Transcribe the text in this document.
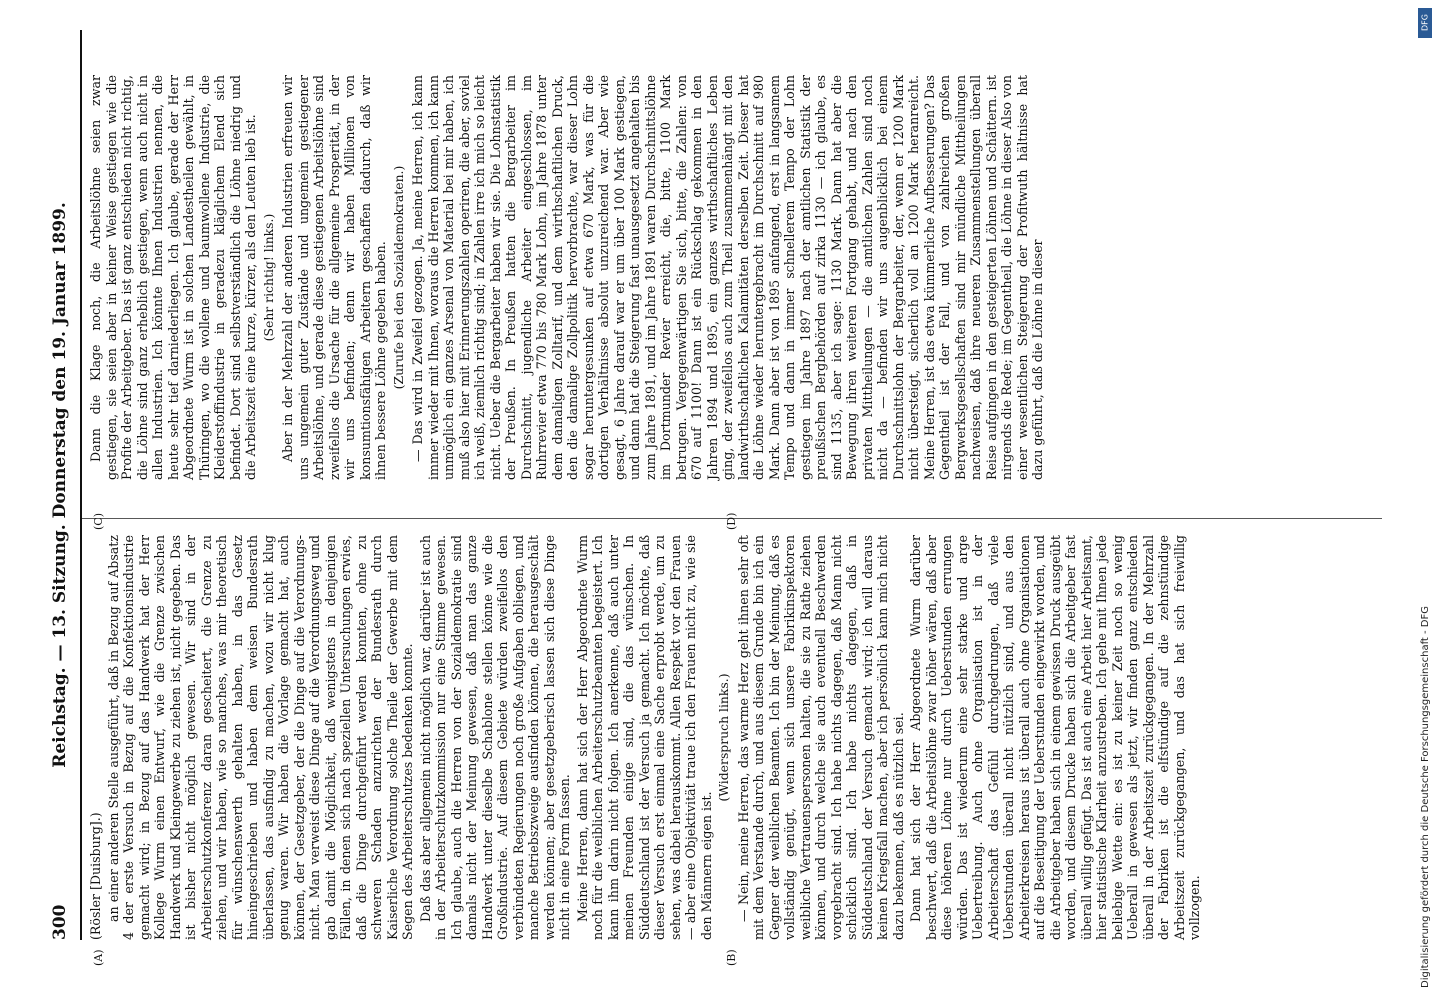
300
Reichstag. — 13. Sitzung. Donnerstag den 19. Januar 1899.
(A)	(B)
(C)	(D)

(Rösler [Duisburg].) an einer anderen Stelle ausgeführt, daß in Bezug auf Absatz 4 der erste Versuch in Bezug auf die Konfektionsindustrie gemacht wird; in Bezug auf das Handwerk hat der Herr Kollege Wurm einen Entwurf, wie die Grenze zwischen Handwerk und Kleingewerbe zu ziehen ist, nicht gegeben. Das ist bisher nicht möglich gewesen. Wir sind in der Arbeiterschutzkonferenz daran gescheitert, die Grenze zu ziehen, und wir haben, wie so manches, was mir theoretisch für wünschenswerth gehalten haben, in das Gesetz hineingeschrieben und haben dem weisen Bundesrath überlassen, das ausfindig zu machen, wozu wir nicht klug genug waren. Wir haben die Vorlage gemacht hat, auch können, der Gesetzgeber, der die Dinge auf die Verordnungs- nicht. Man verweist diese Dinge auf die Verordnungsweg und gab damit die Möglichkeit, daß wenigstens in denjenigen Fällen, in denen sich nach speziellen Untersuchungen erwies, daß die Dinge durchgeführt werden konnten, ohne zu schweren Schaden anzurichten der Bundesrath durch Kaiserliche Verordnung solche Theile der Gewerbe mit dem Segen des Arbeiterschutzes bedenken konnte. Daß das aber allgemein nicht möglich war, darüber ist auch in der Arbeiterschutzkommission nur eine Stimme gewesen. Ich glaube, auch die Herren von der Sozialdemokratie sind damals nicht der Meinung gewesen, daß man das ganze Handwerk unter dieselbe Schablone stellen könne wie die Großindustrie. Auf diesem Gebiete würden zweifellos den verbündeten Regierungen noch große Aufgaben obliegen, und manche Betriebszweige ausfinden können, die herausgeschält werden können; aber gesetzgeberisch lassen sich diese Dinge nicht in eine Form fassen. Meine Herren, dann hat sich der Herr Abgeordnete Wurm noch für die weiblichen Arbeiterschutzbeamten begeistert. Ich kann ihm darin nicht folgen. Ich anerkenne, daß auch unter meinen Freunden einige sind, die das wünschen. In Süddeutschland ist der Versuch ja gemacht. Ich möchte, daß dieser Versuch erst einmal eine Sache erprobt werde, um zu sehen, was dabei herauskommt. Allen Respekt vor den Frauen — aber eine Objektivität traue ich den Frauen nicht zu, wie sie den Männern eigen ist.

(Widerspruch links.) — Nein, meine Herren, das warme Herz geht ihnen sehr oft mit dem Verstande durch, und aus diesem Grunde bin ich ein Gegner der weiblichen Beamten. Ich bin der Meinung, daß es vollständig genügt, wenn sich unsere Fabrikinspektoren weibliche Vertrauenspersonen halten, die sie zu Rathe ziehen können, und durch welche sie auch eventuell Beschwerden vorgebracht sind. Ich habe nichts dagegen, daß Mann nicht schicklich sind. Ich habe nichts dagegen, daß in Süddeutschland der Versuch gemacht wird; ich will daraus keinen Kriegsfall machen, aber ich persönlich kann mich nicht dazu bekennen, daß es nützlich sei. Dann hat sich der Herr Abgeordnete Wurm darüber beschwert, daß die Arbeitslöhne zwar höher wären, daß aber diese höheren Löhne nur durch Ueberstunden errungen würden. Das ist wiederum eine sehr starke und arge Uebertreibung. Auch ohne Organisation ist in der Arbeiterschaft das Gefühl durchgedrungen, daß viele Ueberstunden überall nicht nützlich sind, und aus den Arbeiterkreisen heraus ist überall auch ohne Organisationen auf die Beseitigung der Ueberstunden eingewirkt worden, und die Arbeitgeber haben sich in einem gewissen Druck ausgeübt worden, und diesem Drucke haben sich die Arbeitgeber fast überall willig gefügt. Das ist auch eine Arbeit hier Arbeitsamt, hier statistische Klarheit anzustreben. Ich gehe mit Ihnen jede beliebige Wette ein: es ist zu keiner Zeit noch so wenig Ueberall in gewesen als jetzt, wir finden ganz entschieden überall in der Arbeitszeit zurückgegangen. In der Mehrzahl der Fabriken ist die elfstündige auf die zehnstündige Arbeitszeit zurückgegangen, und das hat sich freiwillig vollzogen.

Dann die Klage noch, die Arbeitslöhne seien zwar gestiegen, sie seien aber in keiner Weise gestiegen wie die Profite der Arbeitgeber. Das ist ganz entschieden nicht richtig, die Löhne sind ganz erheblich gestiegen, wenn auch nicht in allen Industrien. Ich könnte Ihnen Industrien nennen, die heute sehr tief darniederliegen. Ich glaube, gerade der Herr Abgeordnete Wurm ist in solchen Landestheilen gewählt, in Thüringen, wo die wollene und baumwollene Industrie, die Kleiderstoffindustrie in geradezu kläglichem Elend sich befindet. Dort sind selbstverständlich die Löhne niedrig und die Arbeitszeit eine kurze, kürzer, als den Leuten lieb ist. (Sehr richtig! links.) Aber in der Mehrzahl der anderen Industrien erfreuen wir uns ungemein guter Zustände und ungemein gestiegener Arbeitslöhne, und gerade diese gestiegenen Arbeitslöhne sind zweifellos die Ursache für die allgemeine Prosperität, in der wir uns befinden; denn wir haben Millionen von konsumtionsfähigen Arbeitern geschaffen dadurch, daß wir ihnen bessere Löhne gegeben haben. (Zurufe bei den Sozialdemokraten.) — Das wird in Zweifel gezogen. Ja, meine Herren, ich kann immer wieder mit Ihnen, woraus die Herren kommen, ich kann unmöglich ein ganzes Arsenal von Material bei mir haben, ich muß also hier mit Erinnerungszahlen operiren, die aber, soviel ich weiß, ziemlich richtig sind; in Zahlen irre ich mich so leicht nicht. Ueber die Bergarbeiter haben wir sie. Die Lohnstatistik der Preußen. In Preußen hatten die Bergarbeiter im Durchschnitt, jugendliche Arbeiter eingeschlossen, im Ruhrrevier etwa 770 bis 780 Mark Lohn, im Jahre 1878 unter dem damaligen Zolltarif, und dem wirthschaftlichen Druck, den die damalige Zollpolitik hervorbrachte, war dieser Lohn sogar heruntergesunken auf etwa 670 Mark, was für die dortigen Verhältnisse absolut unzureichend war. Aber wie gesagt, 6 Jahre darauf war er um über 100 Mark gestiegen, und dann hat die Steigerung fast unausgesetzt angehalten bis zum Jahre 1891, und im Jahre 1891 waren Durchschnittslöhne im Dortmunder Revier erreicht, die, bitte, 1100 Mark betrugen. Vergegenwärtigen Sie sich, bitte, die Zahlen: von 670 auf 1100! Dann ist ein Rückschlag gekommen in den Jahren 1894 und 1895, ein ganzes wirthschaftliches Leben ging, der zweifellos auch zum Theil zusammenhängt mit den landwirthschaftlichen Kalamitäten derselben Zeit. Dieser hat die Löhne wieder heruntergebracht im Durchschnitt auf 980 Mark. Dann aber ist von 1895 anfangend, erst in langsamem Tempo und dann in immer schnellerem Tempo der Lohn gestiegen im Jahre 1897 nach der amtlichen Statistik der preußischen Bergbehörden auf zirka 1130 — ich glaube, es sind 1135, aber ich sage: 1130 Mark. Dann hat aber die Bewegung ihren weiteren Fortgang gehabt, und nach den privaten Mittheilungen — die amtlichen Zahlen sind noch nicht da — befinden wir uns augenblicklich bei einem Durchschnittslohn der Bergarbeiter, der, wenn er 1200 Mark nicht übersteigt, sicherlich voll an 1200 Mark heranreicht. Meine Herren, ist das etwa kümmerliche Aufbesserungen? Das Gegentheil ist der Fall, und von zahlreichen großen Bergwerksgesellschaften sind mir mündliche Mittheilungen nachweisen, daß ihre neueren Zusammenstellungen überall Reise aufgingen in den gesteigerten Löhnen und Schättern. ist nirgends die Rede; im Gegentheil, die Löhne in dieser Also von einer wesentlichen Steigerung der Profitwuth hältnisse hat dazu geführt, daß die Löhne in dieser

Digitalisierung gefördert durch die Deutsche Forschungsgemeinschaft - DFG
DFG
